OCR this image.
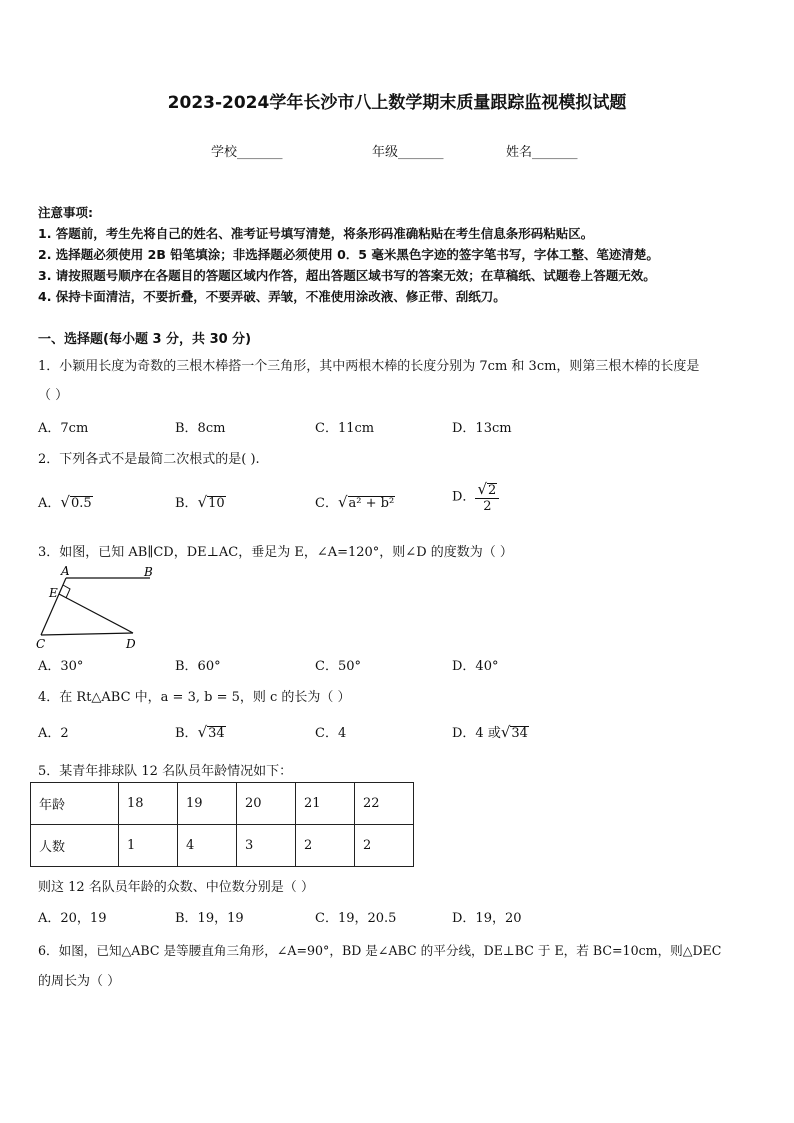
2023-2024学年长沙市八上数学期末质量跟踪监视模拟试题
学校_______	年级_______	姓名_______
注意事项:
1. 答题前，考生先将自己的姓名、准考证号填写清楚，将条形码准确粘贴在考生信息条形码粘贴区。
2. 选择题必须使用 2B 铅笔填涂；非选择题必须使用 0．5 毫米黑色字迹的签字笔书写，字体工整、笔迹清楚。
3. 请按照题号顺序在各题目的答题区域内作答，超出答题区域书写的答案无效；在草稿纸、试题卷上答题无效。
4. 保持卡面清洁，不要折叠，不要弄破、弄皱，不准使用涂改液、修正带、刮纸刀。
一、选择题(每小题 3 分，共 30 分)
1．小颖用长度为奇数的三根木棒搭一个三角形，其中两根木棒的长度分别为 7cm 和 3cm，则第三根木棒的长度是
（ ）
A．7cm	B．8cm	C．11cm	D．13cm
2．下列各式不是最简二次根式的是( ).
A．√0.5	B．√10	C．√a² + b²	D． $\frac{√2}{2}$
3．如图，已知 AB∥CD，DE⊥AC，垂足为 E，∠A=120°，则∠D 的度数为（ ）
A	B
E
C	D
A．30°	B．60°	C．50°	D．40°
4．在 Rt△ABC 中，a = 3, b = 5，则 c 的长为（ ）
A．2	B．√34	C．4	D．4 或√34
5．某青年排球队 12 名队员年龄情况如下：
年龄	18	19	20	21	22
人数	1	4	3	2	2
则这 12 名队员年龄的众数、中位数分别是（ ）
A．20，19	B．19，19	C．19，20.5	D．19，20
6．如图，已知△ABC 是等腰直角三角形，∠A=90°，BD 是∠ABC 的平分线，DE⊥BC 于 E，若 BC=10cm，则△DEC
的周长为（ ）
